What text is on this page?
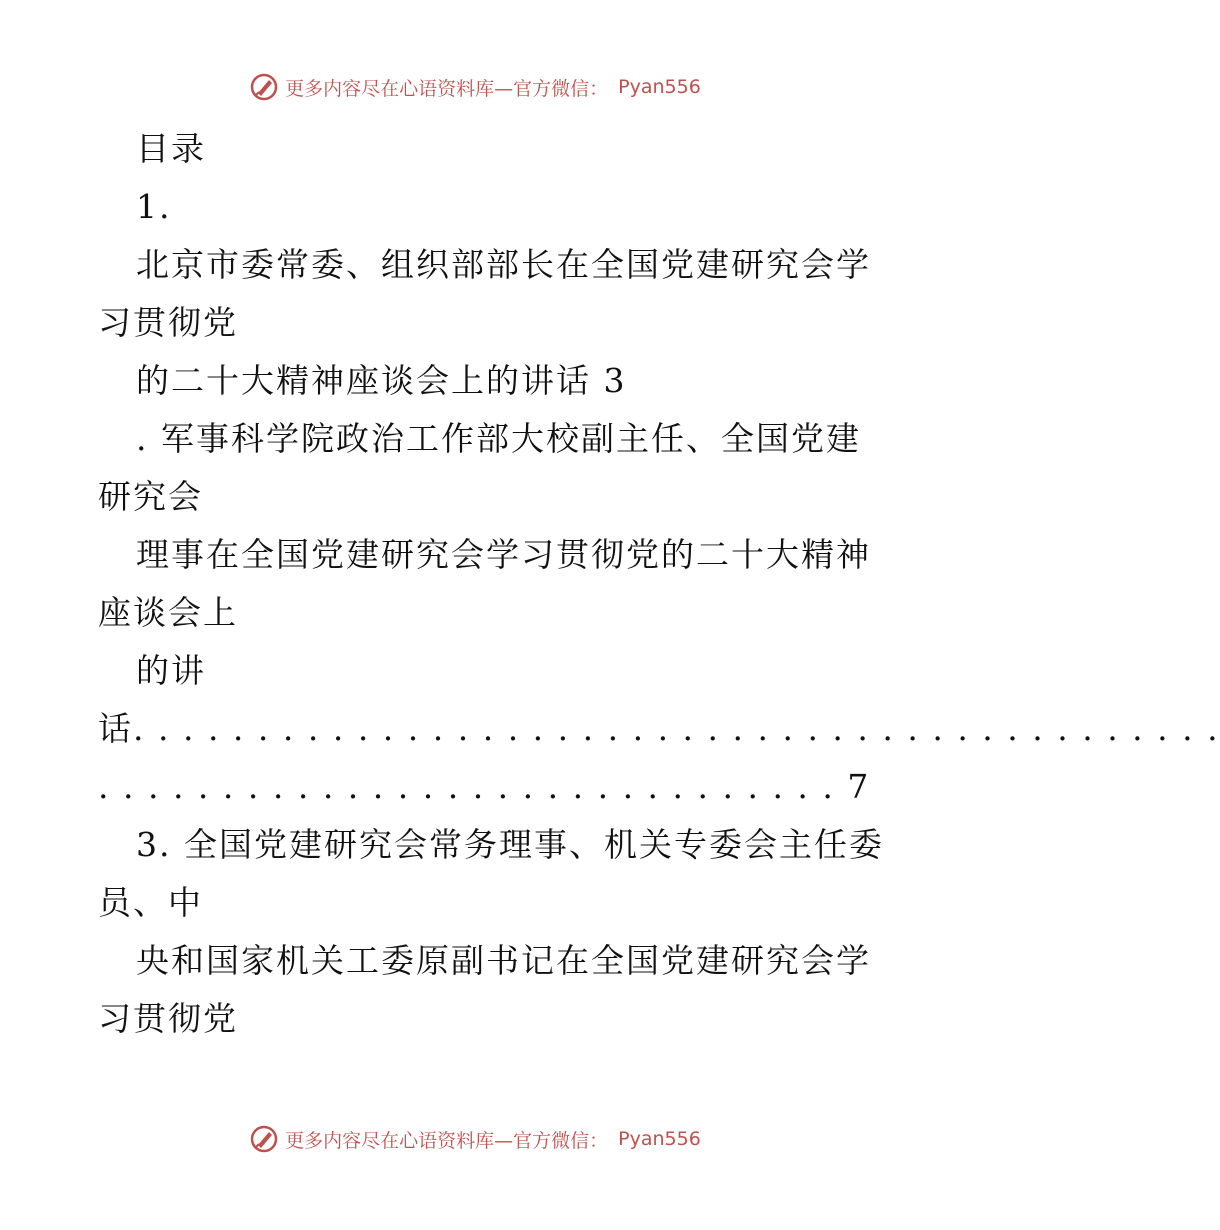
更多内容尽在心语资料库—官方微信： Pyan556
目录
1.
北京市委常委、组织部部长在全国党建研究会学
习贯彻党
的二十大精神座谈会上的讲话 3
. 军事科学院政治工作部大校副主任、全国党建
研究会
理事在全国党建研究会学习贯彻党的二十大精神
座谈会上
的讲
话. . . . . . . . . . . . . . . . . . . . . . . . . . . . . . . . . . . . . . . . . . . .
. . . . . . . . . . . . . . . . . . . . . . . . . . . . . . 7
3. 全国党建研究会常务理事、机关专委会主任委
员、中
央和国家机关工委原副书记在全国党建研究会学
习贯彻党
更多内容尽在心语资料库—官方微信： Pyan556
